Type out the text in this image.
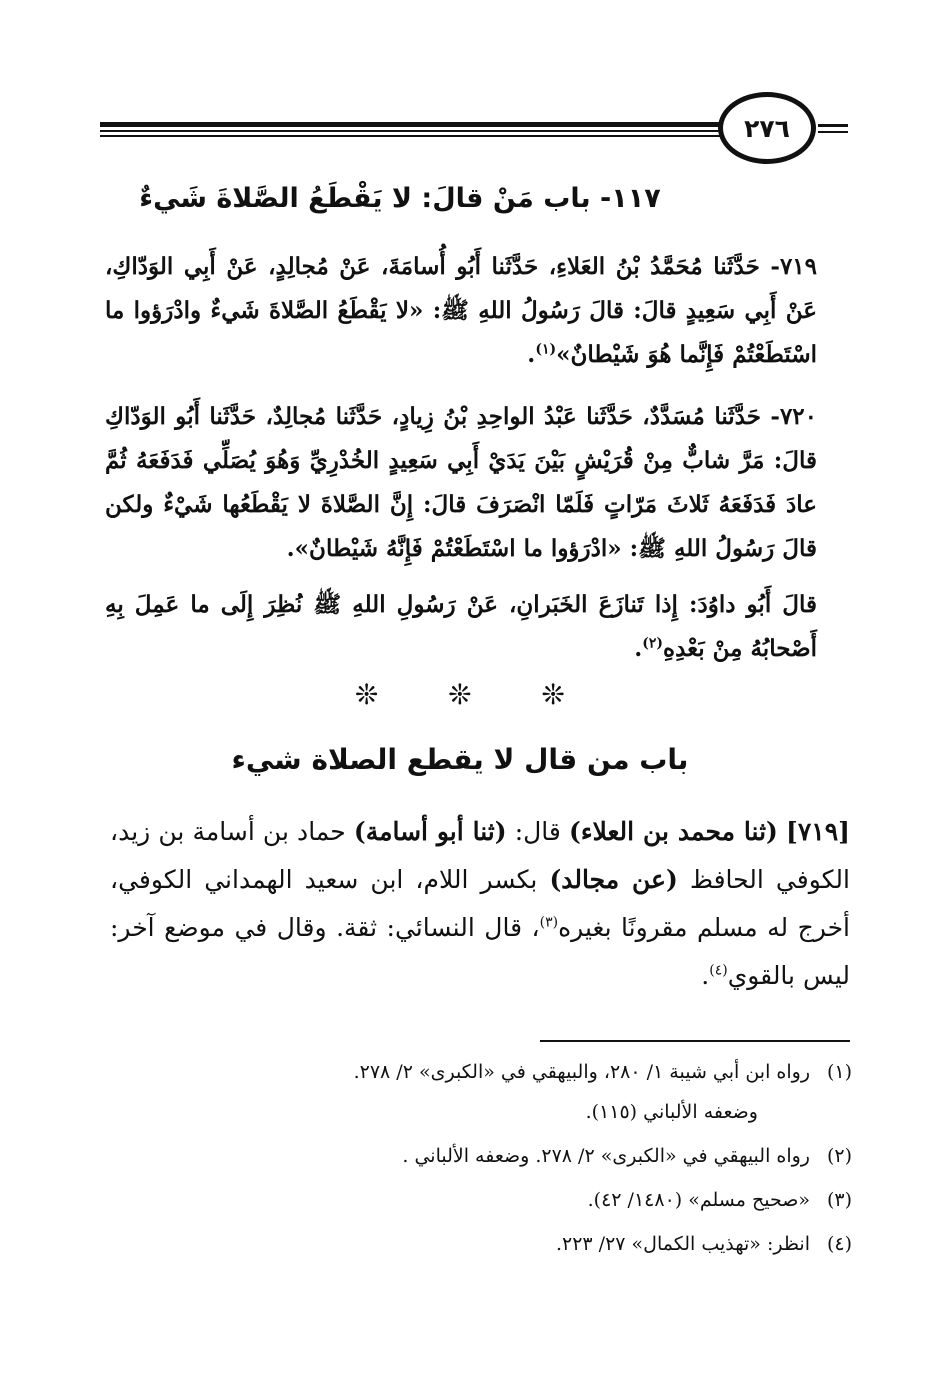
٢٧٦
١١٧- باب مَنْ قالَ: لا يَقْطَعُ الصَّلاةَ شَيءٌ
٧١٩- حَدَّثَنا مُحَمَّدُ بْنُ العَلاءِ، حَدَّثَنا أَبُو أُسامَةَ، عَنْ مُجالِدٍ، عَنْ أَبِي الوَدّاكِ، عَنْ أَبِي سَعِيدٍ قالَ: قالَ رَسُولُ اللهِ ﷺ: «لا يَقْطَعُ الصَّلاةَ شَيءٌ وادْرَؤوا ما اسْتَطَعْتُمْ فَإِنَّما هُوَ شَيْطانٌ»$^{(١)}$.
٧٢٠- حَدَّثَنا مُسَدَّدٌ، حَدَّثَنا عَبْدُ الواحِدِ بْنُ زِيادٍ، حَدَّثَنا مُجالِدٌ، حَدَّثَنا أَبُو الوَدّاكِ قالَ: مَرَّ شابٌّ مِنْ قُرَيْشٍ بَيْنَ يَدَيْ أَبِي سَعِيدٍ الخُدْرِيِّ وَهُوَ يُصَلِّي فَدَفَعَهُ ثُمَّ عادَ فَدَفَعَهُ ثَلاثَ مَرّاتٍ فَلَمّا انْصَرَفَ قالَ: إِنَّ الصَّلاةَ لا يَقْطَعُها شَيْءٌ ولكن قالَ رَسُولُ اللهِ ﷺ: «ادْرَؤوا ما اسْتَطَعْتُمْ فَإِنَّهُ شَيْطانٌ».
قالَ أَبُو داوُدَ: إِذا تَنازَعَ الخَبَرانِ، عَنْ رَسُولِ اللهِ ﷺ نُظِرَ إِلَى ما عَمِلَ بِهِ أَصْحابُهُ مِنْ بَعْدِهِ$^{(٢)}$.
❊ ❊ ❊
باب من قال لا يقطع الصلاة شيء
[٧١٩] (ثنا محمد بن العلاء) قال: (ثنا أبو أسامة) حماد بن أسامة بن زيد، الكوفي الحافظ (عن مجالد) بكسر اللام، ابن سعيد الهمداني الكوفي، أخرج له مسلم مقرونًا بغيره$^{(٣)}$، قال النسائي: ثقة. وقال في موضع آخر: ليس بالقوي$^{(٤)}$.
(١)رواه ابن أبي شيبة ١/ ٢٨٠، والبيهقي في «الكبرى» ٢/ ٢٧٨.
وضعفه الألباني (١١٥).
(٢)رواه البيهقي في «الكبرى» ٢/ ٢٧٨. وضعفه الألباني .
(٣)«صحيح مسلم» (١٤٨٠/ ٤٢).
(٤)انظر: «تهذيب الكمال» ٢٧/ ٢٢٣.
